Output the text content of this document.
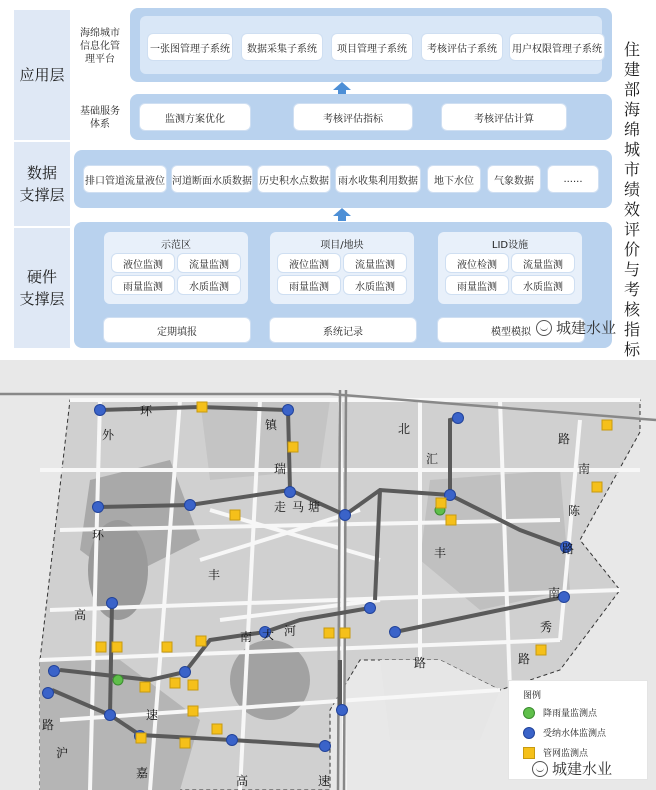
应用层
数据
支撑层
硬件
支撑层
海绵城市
信息化管
理平台
一张图管理子系统 数据采集子系统 项目管理子系统 考核评估子系统 用户权限管理子系统
基础服务
体系	监测方案优化	考核评估指标	考核评估计算
排口管道流量液位 河道断面水质数据 历史积水点数据 雨水收集利用数据 地下水位 气象数据	......
示范区
液位监测	流量监测
雨量监测	水质监测
项目/地块
液位监测	流量监测
雨量监测	水质监测
LID设施
液位检测	流量监测
雨量监测	水质监测
定期填报	系统记录	模型模拟
住
建
部
海
绵
城
市
绩
效
评
价
与
考
核
指
标
城建水业
环
镇	北
路
外
瑞
汇
南
走 马 塘	陈
环
丰	路
丰
南
高
南 大 河	秀
路	路
速
路
沪
嘉
高	速
图例
降雨量监测点
受纳水体监测点
管网监测点
城建水业
